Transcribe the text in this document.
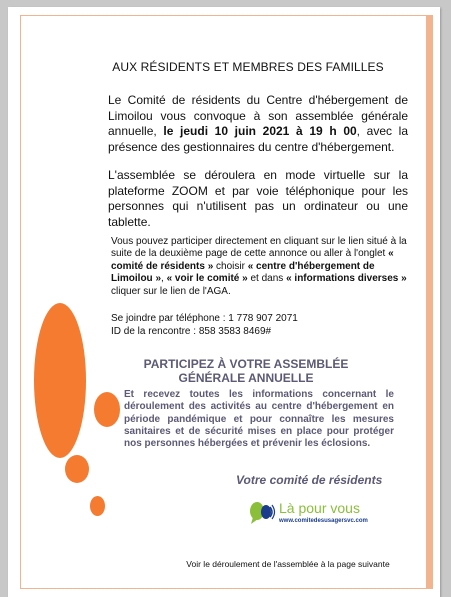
AUX RÉSIDENTS ET MEMBRES DES FAMILLES
Le Comité de résidents du Centre d'hébergement de Limoilou vous convoque à son assemblée générale annuelle, le jeudi 10 juin 2021 à 19 h 00, avec la présence des gestionnaires du centre d'hébergement.
L'assemblée se déroulera en mode virtuelle sur la plateforme ZOOM et par voie téléphonique pour les personnes qui n'utilisent pas un ordinateur ou une tablette.
Vous pouvez participer directement en cliquant sur le lien situé à la suite de la deuxième page de cette annonce ou aller à l'onglet « comité de résidents » choisir « centre d'hébergement de Limoilou », « voir le comité » et dans « informations diverses » cliquer sur le lien de l'AGA.
Se joindre par téléphone : 1 778 907 2071
ID de la rencontre : 858 3583 8469#
PARTICIPEZ À VOTRE ASSEMBLÉE
GÉNÉRALE ANNUELLE
Et recevez toutes les informations concernant le déroulement des activités au centre d'hébergement en période pandémique et pour connaître les mesures sanitaires et de sécurité mises en place pour protéger nos personnes hébergées et prévenir les éclosions.
Votre comité de résidents
Là pour vous
www.comitedesusagersvc.com
Voir le déroulement de l'assemblée à la page suivante
